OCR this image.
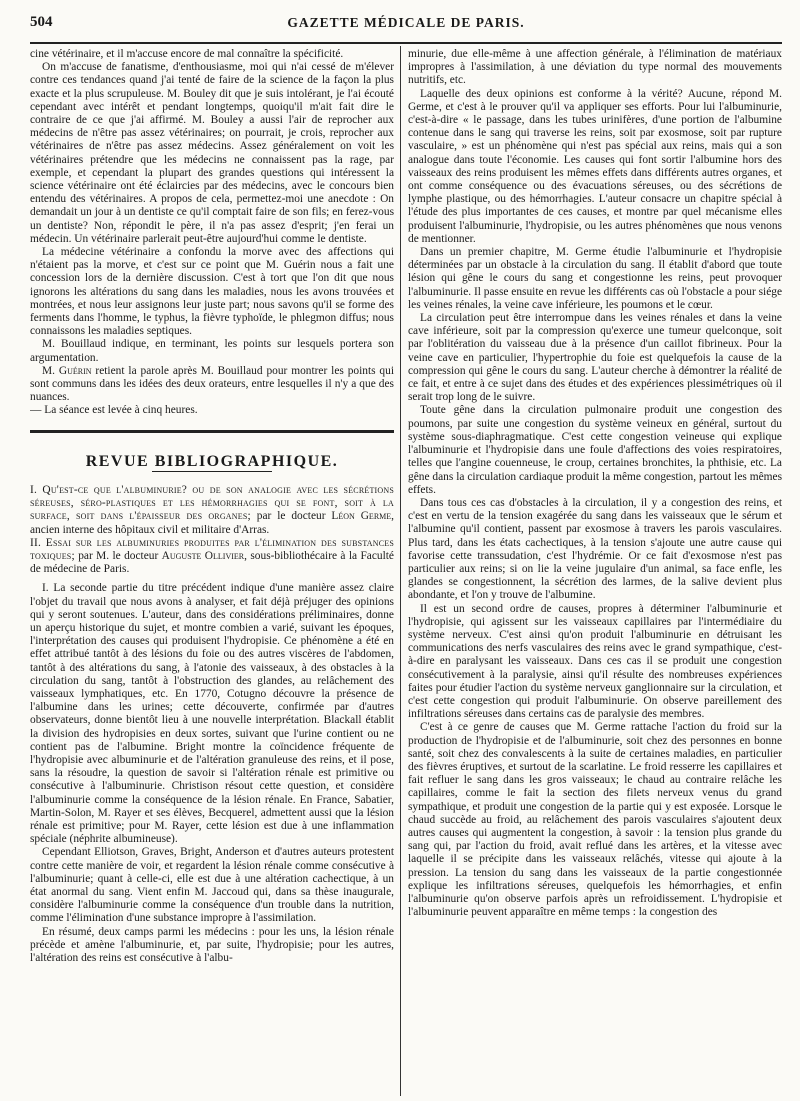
504	GAZETTE MÉDICALE DE PARIS.

cine vétérinaire, et il m'accuse encore de mal connaître la spécificité.

On m'accuse de fanatisme, d'enthousiasme, moi qui n'ai cessé de m'élever contre ces tendances quand j'ai tenté de faire de la science de la façon la plus exacte et la plus scrupuleuse. M. Bouley dit que je suis intolérant, je l'ai écouté cependant avec intérêt et pendant longtemps, quoiqu'il m'ait fait dire le contraire de ce que j'ai affirmé. M. Bouley a aussi l'air de reprocher aux médecins de n'être pas assez vétérinaires; on pourrait, je crois, reprocher aux vétérinaires de n'être pas assez médecins. Assez généralement on voit les vétérinaires prétendre que les médecins ne connaissent pas la rage, par exemple, et cependant la plupart des grandes questions qui intéressent la science vétérinaire ont été éclaircies par des médecins, avec le concours bien entendu des vétérinaires. A propos de cela, permettez-moi une anecdote : On demandait un jour à un dentiste ce qu'il comptait faire de son fils; en ferez-vous un dentiste? Non, répondit le père, il n'a pas assez d'esprit; j'en ferai un médecin. Un vétérinaire parlerait peut-être aujourd'hui comme le dentiste.

La médecine vétérinaire a confondu la morve avec des affections qui n'étaient pas la morve, et c'est sur ce point que M. Guérin nous a fait une concession lors de la dernière discussion. C'est à tort que l'on dit que nous ignorons les altérations du sang dans les maladies, nous les avons trouvées et montrées, et nous leur assignons leur juste part; nous savons qu'il se forme des ferments dans l'homme, le typhus, la fièvre typhoïde, le phlegmon diffus; nous connaissons les maladies septiques.

M. Bouillaud indique, en terminant, les points sur lesquels portera son argumentation.

M. Guérin retient la parole après M. Bouillaud pour montrer les points qui sont communs dans les idées des deux orateurs, entre lesquelles il n'y a que des nuances.

— La séance est levée à cinq heures.

REVUE BIBLIOGRAPHIQUE.

I. Qu'est-ce que l'albuminurie? ou de son analogie avec les sécrétions séreuses, séro-plastiques et les hémorrhagies qui se font, soit à la surface, soit dans l'épaisseur des organes; par le docteur Léon Germe, ancien interne des hôpitaux civil et militaire d'Arras.

II. Essai sur les albuminuries produites par l'élimination des substances toxiques; par M. le docteur Auguste Ollivier, sous-bibliothécaire à la Faculté de médecine de Paris.

I. La seconde partie du titre précédent indique d'une manière assez claire l'objet du travail que nous avons à analyser, et fait déjà préjuger des opinions qui y seront soutenues. L'auteur, dans des considérations préliminaires, donne un aperçu historique du sujet, et montre combien a varié, suivant les époques, l'interprétation des causes qui produisent l'hydropisie. Ce phénomène a été en effet attribué tantôt à des lésions du foie ou des autres viscères de l'abdomen, tantôt à des altérations du sang, à l'atonie des vaisseaux, à des obstacles à la circulation du sang, tantôt à l'obstruction des glandes, au relâchement des vaisseaux lymphatiques, etc. En 1770, Cotugno découvre la présence de l'albumine dans les urines; cette découverte, confirmée par d'autres observateurs, donne bientôt lieu à une nouvelle interprétation. Blackall établit la division des hydropisies en deux sortes, suivant que l'urine contient ou ne contient pas de l'albumine. Bright montre la coïncidence fréquente de l'hydropisie avec albuminurie et de l'altération granuleuse des reins, et il pose, sans la résoudre, la question de savoir si l'altération rénale est primitive ou consécutive à l'albuminurie. Christison résout cette question, et considère l'albuminurie comme la conséquence de la lésion rénale. En France, Sabatier, Martin-Solon, M. Rayer et ses élèves, Becquerel, admettent aussi que la lésion rénale est primitive; pour M. Rayer, cette lésion est due à une inflammation spéciale (néphrite albumineuse).

Cependant Elliotson, Graves, Bright, Anderson et d'autres auteurs protestent contre cette manière de voir, et regardent la lésion rénale comme consécutive à l'albuminurie; quant à celle-ci, elle est due à une altération cachectique, à un état anormal du sang. Vient enfin M. Jaccoud qui, dans sa thèse inaugurale, considère l'albuminurie comme la conséquence d'un trouble dans la nutrition, comme l'élimination d'une substance impropre à l'assimilation.

En résumé, deux camps parmi les médecins : pour les uns, la lésion rénale précède et amène l'albuminurie, et, par suite, l'hydropisie; pour les autres, l'altération des reins est consécutive à l'albu-

minurie, due elle-même à une affection générale, à l'élimination de matériaux impropres à l'assimilation, à une déviation du type normal des mouvements nutritifs, etc.

Laquelle des deux opinions est conforme à la vérité? Aucune, répond M. Germe, et c'est à le prouver qu'il va appliquer ses efforts. Pour lui l'albuminurie, c'est-à-dire « le passage, dans les tubes urinifères, d'une portion de l'albumine contenue dans le sang qui traverse les reins, soit par exosmose, soit par rupture vasculaire, » est un phénomène qui n'est pas spécial aux reins, mais qui a son analogue dans toute l'économie. Les causes qui font sortir l'albumine hors des vaisseaux des reins produisent les mêmes effets dans différents autres organes, et ont comme conséquence ou des évacuations séreuses, ou des sécrétions de lymphe plastique, ou des hémorrhagies. L'auteur consacre un chapitre spécial à l'étude des plus importantes de ces causes, et montre par quel mécanisme elles produisent l'albuminurie, l'hydropisie, ou les autres phénomènes que nous venons de mentionner.

Dans un premier chapitre, M. Germe étudie l'albuminurie et l'hydropisie déterminées par un obstacle à la circulation du sang. Il établit d'abord que toute lésion qui gêne le cours du sang et congestionne les reins, peut provoquer l'albuminurie. Il passe ensuite en revue les différents cas où l'obstacle a pour siége les veines rénales, la veine cave inférieure, les poumons et le cœur.

La circulation peut être interrompue dans les veines rénales et dans la veine cave inférieure, soit par la compression qu'exerce une tumeur quelconque, soit par l'oblitération du vaisseau due à la présence d'un caillot fibrineux. Pour la veine cave en particulier, l'hypertrophie du foie est quelquefois la cause de la compression qui gêne le cours du sang. L'auteur cherche à démontrer la réalité de ce fait, et entre à ce sujet dans des études et des expériences plessimétriques où il serait trop long de le suivre.

Toute gêne dans la circulation pulmonaire produit une congestion des poumons, par suite une congestion du système veineux en général, surtout du système sous-diaphragmatique. C'est cette congestion veineuse qui explique l'albuminurie et l'hydropisie dans une foule d'affections des voies respiratoires, telles que l'angine couenneuse, le croup, certaines bronchites, la phthisie, etc. La gêne dans la circulation cardiaque produit la même congestion, partout les mêmes effets.

Dans tous ces cas d'obstacles à la circulation, il y a congestion des reins, et c'est en vertu de la tension exagérée du sang dans les vaisseaux que le sérum et l'albumine qu'il contient, passent par exosmose à travers les parois vasculaires. Plus tard, dans les états cachectiques, à la tension s'ajoute une autre cause qui favorise cette transsudation, c'est l'hydrémie. Or ce fait d'exosmose n'est pas particulier aux reins; si on lie la veine jugulaire d'un animal, sa face enfle, les glandes se congestionnent, la sécrétion des larmes, de la salive devient plus abondante, et l'on y trouve de l'albumine.

Il est un second ordre de causes, propres à déterminer l'albuminurie et l'hydropisie, qui agissent sur les vaisseaux capillaires par l'intermédiaire du système nerveux. C'est ainsi qu'on produit l'albuminurie en détruisant les communications des nerfs vasculaires des reins avec le grand sympathique, c'est-à-dire en paralysant les vaisseaux. Dans ces cas il se produit une congestion consécutivement à la paralysie, ainsi qu'il résulte des nombreuses expériences faites pour étudier l'action du système nerveux ganglionnaire sur la circulation, et c'est cette congestion qui produit l'albuminurie. On observe pareillement des infiltrations séreuses dans certains cas de paralysie des membres.

C'est à ce genre de causes que M. Germe rattache l'action du froid sur la production de l'hydropisie et de l'albuminurie, soit chez des personnes en bonne santé, soit chez des convalescents à la suite de certaines maladies, en particulier des fièvres éruptives, et surtout de la scarlatine. Le froid resserre les capillaires et fait refluer le sang dans les gros vaisseaux; le chaud au contraire relâche les capillaires, comme le fait la section des filets nerveux venus du grand sympathique, et produit une congestion de la partie qui y est exposée. Lorsque le chaud succède au froid, au relâchement des parois vasculaires s'ajoutent deux autres causes qui augmentent la congestion, à savoir : la tension plus grande du sang qui, par l'action du froid, avait reflué dans les artères, et la vitesse avec laquelle il se précipite dans les vaisseaux relâchés, vitesse qui ajoute à la pression. La tension du sang dans les vaisseaux de la partie congestionnée explique les infiltrations séreuses, quelquefois les hémorrhagies, et enfin l'albuminurie qu'on observe parfois après un refroidissement. L'hydropisie et l'albuminurie peuvent apparaître en même temps : la congestion des
